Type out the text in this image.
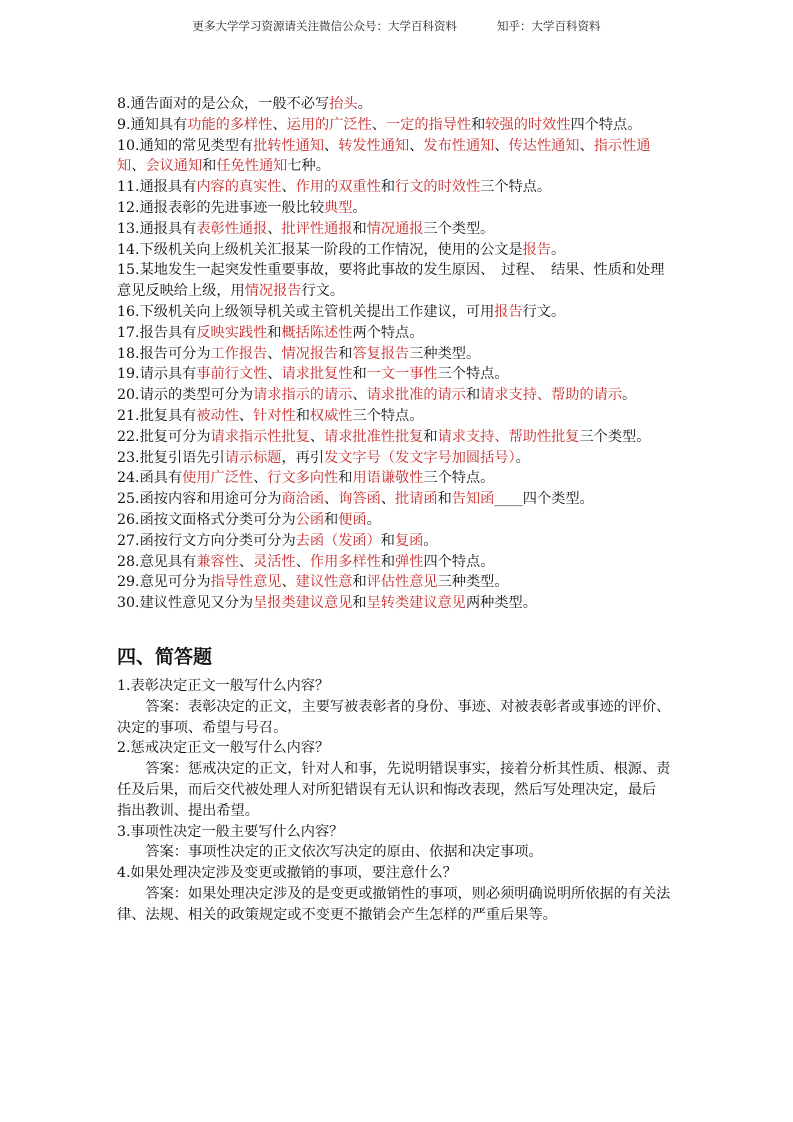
更多大学学习资源请关注微信公众号：大学百科资料	知乎：大学百科资料

8.通告面对的是公众，一般不必写抬头。

9.通知具有功能的多样性、运用的广泛性、一定的指导性和较强的时效性四个特点。

10.通知的常见类型有批转性通知、转发性通知、发布性通知、传达性通知、指示性通知、会议通知和任免性通知七种。

11.通报具有内容的真实性、作用的双重性和行文的时效性三个特点。

12.通报表彰的先进事迹一般比较典型。

13.通报具有表彰性通报、批评性通报和情况通报三个类型。

14.下级机关向上级机关汇报某一阶段的工作情况，使用的公文是报告。

15.某地发生一起突发性重要事故，要将此事故的发生原因、　过程、　结果、性质和处理意见反映给上级，用情况报告行文。

16.下级机关向上级领导机关或主管机关提出工作建议，可用报告行文。

17.报告具有反映实践性和概括陈述性两个特点。

18.报告可分为工作报告、情况报告和答复报告三种类型。

19.请示具有事前行文性、请求批复性和一文一事性三个特点。

20.请示的类型可分为请求指示的请示、请求批准的请示和请求支持、帮助的请示。

21.批复具有被动性、针对性和权威性三个特点。

22.批复可分为请求指示性批复、请求批准性批复和请求支持、帮助性批复三个类型。

23.批复引语先引请示标题，再引发文字号（发文字号加圆括号）。

24.函具有使用广泛性、行文多向性和用语谦敬性三个特点。

25.函按内容和用途可分为商洽函、询答函、批请函和告知函____四个类型。

26.函按文面格式分类可分为公函和便函。

27.函按行文方向分类可分为去函（发函）和复函。

28.意见具有兼容性、灵活性、作用多样性和弹性四个特点。

29.意见可分为指导性意见、建议性意和评估性意见三种类型。

30.建议性意见又分为呈报类建议意见和呈转类建议意见两种类型。

四、简答题

1.表彰决定正文一般写什么内容？

答案：表彰决定的正文，主要写被表彰者的身份、事迹、对被表彰者或事迹的评价、决定的事项、希望与号召。

2.惩戒决定正文一般写什么内容？

答案：惩戒决定的正文，针对人和事，先说明错误事实，接着分析其性质、根源、责任及后果，而后交代被处理人对所犯错误有无认识和悔改表现，然后写处理决定，最后

指出教训、提出希望。

3.事项性决定一般主要写什么内容？

答案：事项性决定的正文依次写决定的原由、依据和决定事项。

4.如果处理决定涉及变更或撤销的事项，要注意什么？

答案：如果处理决定涉及的是变更或撤销性的事项，则必须明确说明所依据的有关法律、法规、相关的政策规定或不变更不撤销会产生怎样的严重后果等。
